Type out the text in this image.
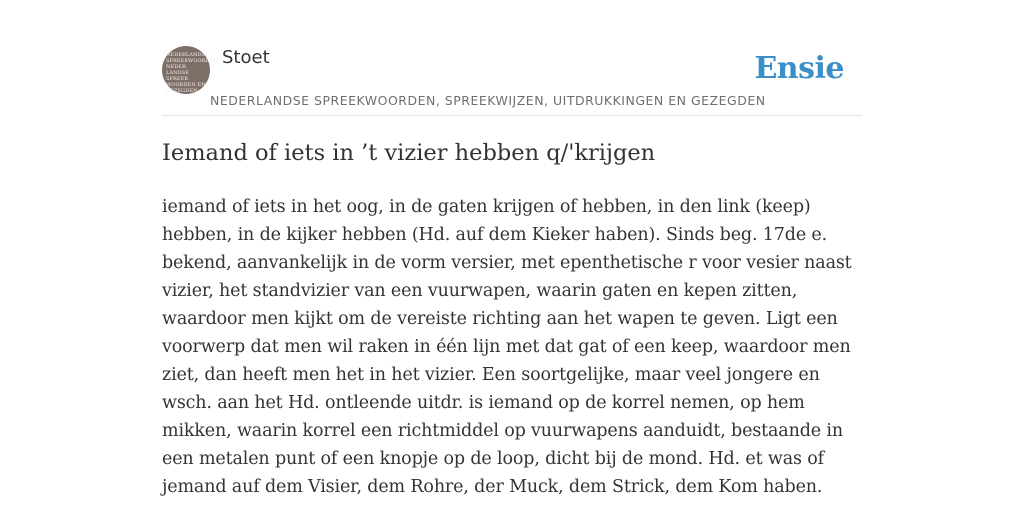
NEDERLANDSE
SPREEKWOORDEN
NEDER
LANDSE
SPREEK
WOORDEN EN
GEZEGDEN
Stoet
NEDERLANDSE SPREEKWOORDEN, SPREEKWIJZEN, UITDRUKKINGEN EN GEZEGDEN
Ensie
Iemand of iets in ’t vizier hebben q/'krijgen

iemand of iets in het oog, in de gaten krijgen of hebben, in den link (keep) hebben, in de kijker hebben (Hd. auf dem Kieker haben). Sinds beg. 17de e. bekend, aanvankelijk in de vorm versier, met epenthetische r voor vesier naast vizier, het standvizier van een vuurwapen, waarin gaten en kepen zitten, waardoor men kijkt om de vereiste richting aan het wapen te geven. Ligt een voorwerp dat men wil raken in één lijn met dat gat of een keep, waardoor men ziet, dan heeft men het in het vizier. Een soortgelijke, maar veel jongere en wsch. aan het Hd. ontleende uitdr. is iemand op de korrel nemen, op hem mikken, waarin korrel een richtmiddel op vuurwapens aanduidt, bestaande in een metalen punt of een knopje op de loop, dicht bij de mond. Hd. et was of jemand auf dem Visier, dem Rohre, der Muck, dem Strick, dem Kom haben.
